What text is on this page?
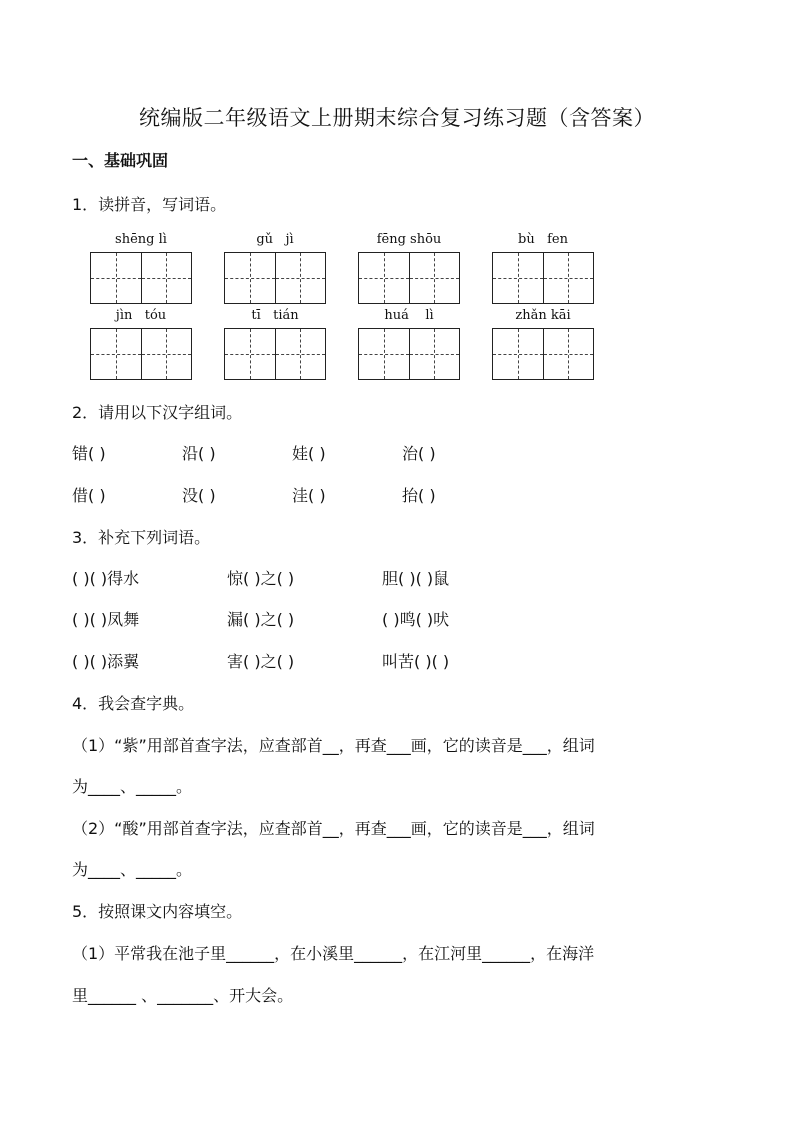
统编版二年级语文上册期末综合复习练习题（含答案）
一、基础巩固
1．读拼音，写词语。
shēng lì	gǔ   jì	fēng shōu	bù   fen
jìn   tóu	tī   tián	huá    lì	zhǎn kāi
2．请用以下汉字组词。
错( )	沿( )	娃( )	治( )
借( )	没( )	洼( )	抬( )
3．补充下列词语。
( )( )得水	惊( )之( )	胆( )( )鼠
( )( )凤舞	漏( )之( )	( )鸣( )吠
( )( )添翼	害( )之( )	叫苦( )( )
4．我会查字典。
（1）“紫”用部首查字法，应查部首__，再查___画，它的读音是___，组词
为____、_____。
（2）“酸”用部首查字法，应查部首__，再查___画，它的读音是___，组词
为____、_____。
5．按照课文内容填空。
（1）平常我在池子里______，在小溪里______，在江河里______，在海洋
里______ 、_______、开大会。
